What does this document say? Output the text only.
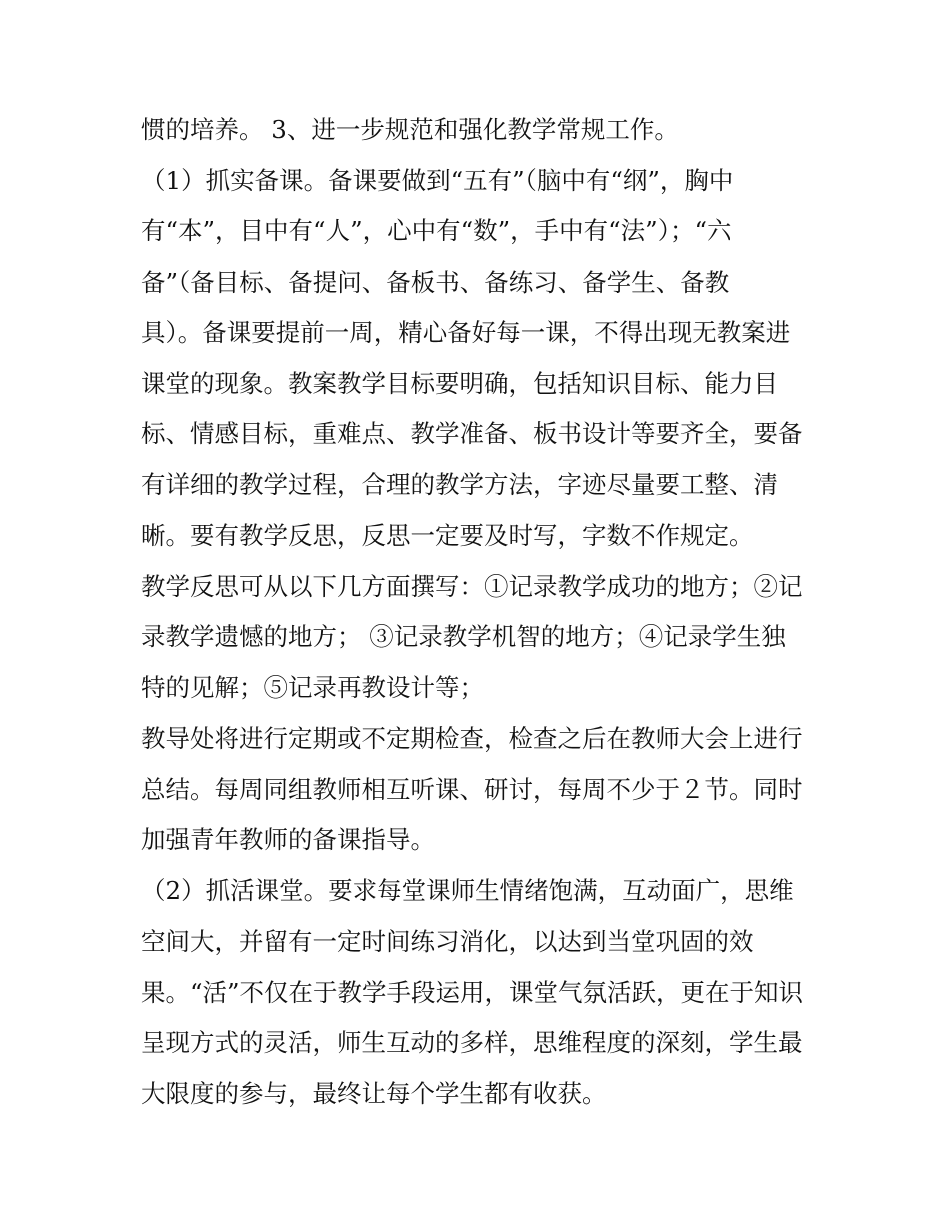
惯的培养。 3、进一步规范和强化教学常规工作。
（1）抓实备课。备课要做到“五有”（脑中有“纲”，胸中
有“本”，目中有“人”，心中有“数”，手中有“法”）；“六
备”（备目标、备提问、备板书、备练习、备学生、备教
具）。备课要提前一周，精心备好每一课，不得出现无教案进
课堂的现象。教案教学目标要明确，包括知识目标、能力目
标、情感目标，重难点、教学准备、板书设计等要齐全，要备
有详细的教学过程，合理的教学方法，字迹尽量要工整、清
晰。要有教学反思，反思一定要及时写，字数不作规定。
教学反思可从以下几方面撰写：①记录教学成功的地方；②记
录教学遗憾的地方； ③记录教学机智的地方；④记录学生独
特的见解；⑤记录再教设计等；
教导处将进行定期或不定期检查，检查之后在教师大会上进行
总结。每周同组教师相互听课、研讨，每周不少于２节。同时
加强青年教师的备课指导。
（2）抓活课堂。要求每堂课师生情绪饱满，互动面广，思维
空间大，并留有一定时间练习消化，以达到当堂巩固的效
果。“活”不仅在于教学手段运用，课堂气氛活跃，更在于知识
呈现方式的灵活，师生互动的多样，思维程度的深刻，学生最
大限度的参与，最终让每个学生都有收获。
